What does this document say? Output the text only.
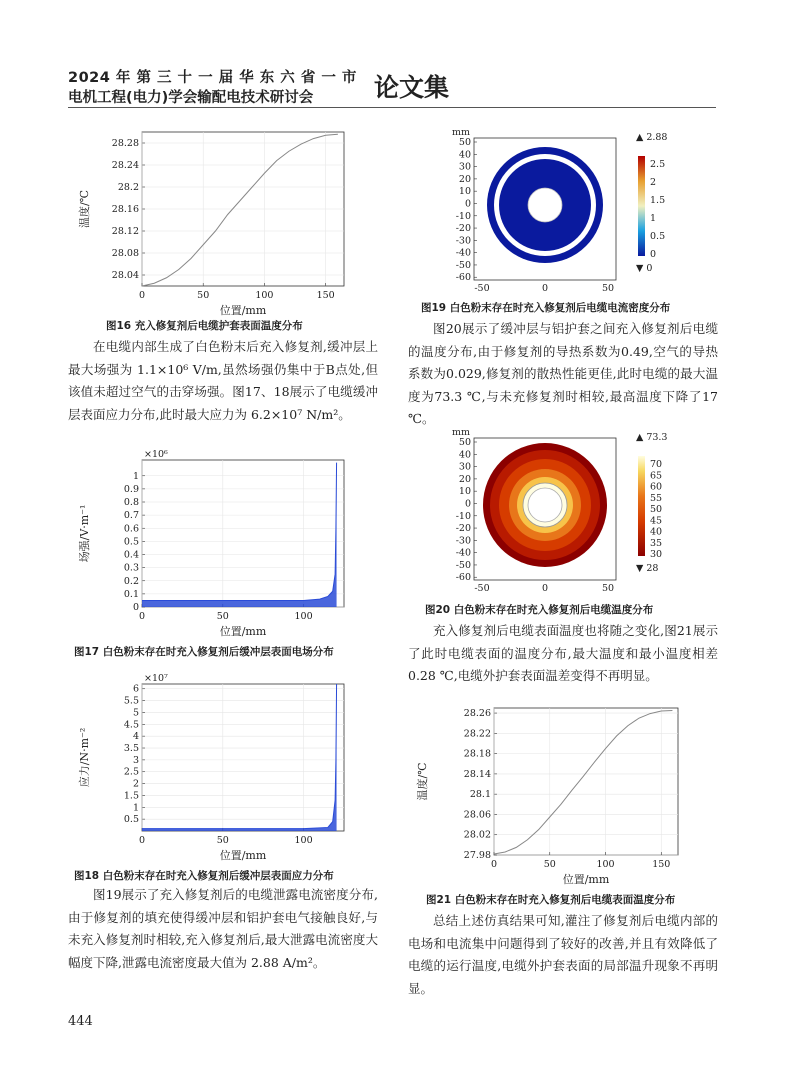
2024 年 第 三 十 一 届 华 东 六 省 一 市
电机工程(电力)学会输配电技术研讨会 论文集
28.04
28.08
28.12
28.16
28.2
28.24
28.28
0	50	100	150
位置/mm
温度/℃
图16 充入修复剂后电缆护套表面温度分布

在电缆内部生成了白色粉末后充入修复剂,缓冲层上最大场强为 1.1×10⁶ V/m,虽然场强仍集中于B点处,但该值未超过空气的击穿场强。图17、18展示了电缆缓冲层表面应力分布,此时最大应力为 6.2×10⁷ N/m²。

0
0.1
0.2
0.3
0.4
0.5
0.6
0.7
0.8
0.9
1
0	50	100
×10⁶
位置/mm
场强/V·m⁻¹
图17 白色粉末存在时充入修复剂后缓冲层表面电场分布
0.5
1
1.5
2
2.5
3
3.5
4
4.5
5
5.5
6
0	50	100
×10⁷
位置/mm
应力/N·m⁻²
图18 白色粉末存在时充入修复剂后缓冲层表面应力分布

图19展示了充入修复剂后的电缆泄露电流密度分布,由于修复剂的填充使得缓冲层和铝护套电气接触良好,与未充入修复剂时相较,充入修复剂后,最大泄露电流密度大幅度下降,泄露电流密度最大值为 2.88 A/m²。

mm
50
40
30
20
10
0
-10
-20
-30
-40
-50
-60
-50	0	50
2.5
2
1.5
1
0.5
0
▲ 2.88
▼ 0
图19 白色粉末存在时充入修复剂后电缆电流密度分布

图20展示了缓冲层与铝护套之间充入修复剂后电缆的温度分布,由于修复剂的导热系数为0.49,空气的导热系数为0.029,修复剂的散热性能更佳,此时电缆的最大温度为73.3 ℃,与未充修复剂时相较,最高温度下降了17 ℃。

mm
50
40
30
20
10
0
-10
-20
-30
-40
-50
-60
-50	0	50
70
65
60
55
50
45
40
35
30
▲ 73.3
▼ 28
图20 白色粉末存在时充入修复剂后电缆温度分布

充入修复剂后电缆表面温度也将随之变化,图21展示了此时电缆表面的温度分布,最大温度和最小温度相差0.28 ℃,电缆外护套表面温差变得不再明显。

27.98
28.02
28.06
28.1
28.14
28.18
28.22
28.26
0	50	100	150
位置/mm
温度/℃
图21 白色粉末存在时充入修复剂后电缆表面温度分布

总结上述仿真结果可知,灌注了修复剂后电缆内部的电场和电流集中问题得到了较好的改善,并且有效降低了电缆的运行温度,电缆外护套表面的局部温升现象不再明显。

444
